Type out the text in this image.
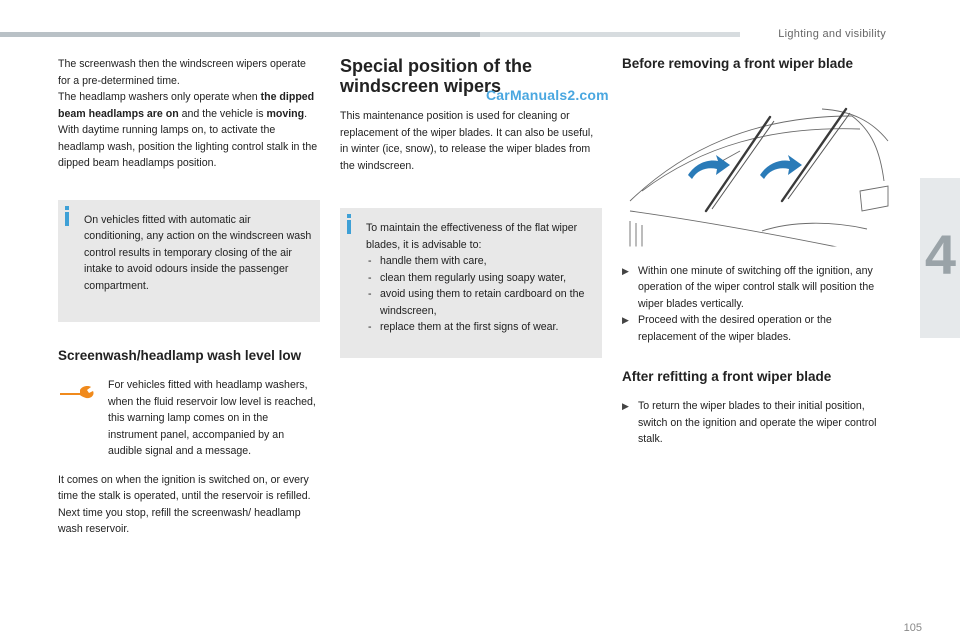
Lighting and visibility
4
105

The screenwash then the windscreen wipers operate for a pre-determined time.
The headlamp washers only operate when the dipped beam headlamps are on and the vehicle is moving.
With daytime running lamps on, to activate the headlamp wash, position the lighting control stalk in the dipped beam headlamps position.

On vehicles fitted with automatic air conditioning, any action on the windscreen wash control results in temporary closing of the air intake to avoid odours inside the passenger compartment.

Screenwash/headlamp wash level low

For vehicles fitted with headlamp washers, when the fluid reservoir low level is reached, this warning lamp comes on in the instrument panel, accompanied by an audible signal and a message.

It comes on when the ignition is switched on, or every time the stalk is operated, until the reservoir is refilled.

Next time you stop, refill the screenwash/ headlamp wash reservoir.

Special position of the windscreen wipers

This maintenance position is used for cleaning or replacement of the wiper blades. It can also be useful, in winter (ice, snow), to release the wiper blades from the windscreen.

To maintain the effectiveness of the flat wiper blades, it is advisable to:

- handle them with care,
- clean them regularly using soapy water,
- avoid using them to retain cardboard on the windscreen,
- replace them at the first signs of wear.
CarManuals2.com
Before removing a front wiper blade
▶ Within one minute of switching off the ignition, any operation of the wiper control stalk will position the wiper blades vertically.
▶ Proceed with the desired operation or the replacement of the wiper blades.
After refitting a front wiper blade
▶ To return the wiper blades to their initial position, switch on the ignition and operate the wiper control stalk.
